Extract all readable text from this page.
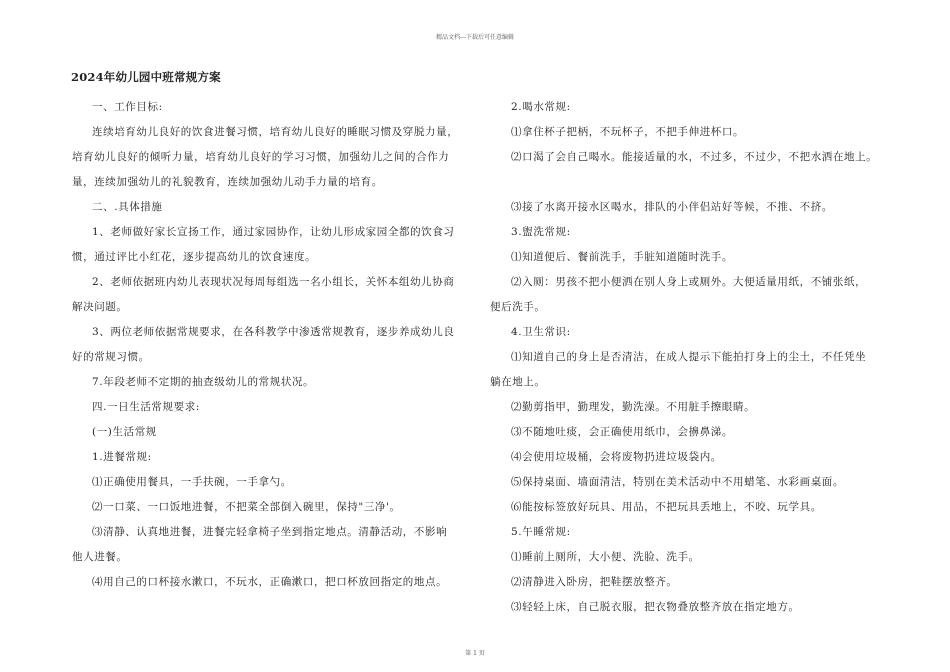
精品文档---下载后可任意编辑
2024年幼儿园中班常规方案

一、工作目标:

连续培育幼儿良好的饮食进餐习惯，培育幼儿良好的睡眠习惯及穿脱力量，

培育幼儿良好的倾听力量，培育幼儿良好的学习习惯，加强幼儿之间的合作力

量，连续加强幼儿的礼貌教育，连续加强幼儿动手力量的培育。

二、.具体措施

1、老师做好家长宣扬工作，通过家园协作，让幼儿形成家园全都的饮食习

惯，通过评比小红花，逐步提高幼儿的饮食速度。

2、老师依据班内幼儿表现状况每周每组选一名小组长，关怀本组幼儿协商

解决问题。

3、两位老师依据常规要求，在各科教学中渗透常规教育，逐步养成幼儿良

好的常规习惯。

7.年段老师不定期的抽查级幼儿的常规状况。

四.一日生活常规要求:

(一)生活常规

1.进餐常规:

⑴正确使用餐具，一手扶碗，一手拿勺。

⑵一口菜、一口饭地进餐，不把菜全部倒入碗里，保持"三净'。

⑶清静、认真地进餐，进餐完轻拿椅子坐到指定地点。清静活动，不影响

他人进餐。

⑷用自己的口杯接水漱口，不玩水，正确漱口，把口杯放回指定的地点。

2.喝水常规:

⑴拿住杯子把柄，不玩杯子，不把手伸进杯口。

⑵口渴了会自己喝水。能接适量的水，不过多，不过少，不把水洒在地上。

⑶接了水离开接水区喝水，排队的小伴侣站好等候，不推、不挤。

3.盥洗常规:

⑴知道便后、餐前洗手，手脏知道随时洗手。

⑵入厕：男孩不把小便洒在别人身上或厕外。大便适量用纸，不铺张纸，

便后洗手。

4.卫生常识:

⑴知道自己的身上是否清洁，在成人提示下能拍打身上的尘土，不任凭坐

躺在地上。

⑵勤剪指甲，勤理发，勤洗澡。不用脏手擦眼睛。

⑶不随地吐痰，会正确使用纸巾，会擤鼻涕。

⑷会使用垃圾桶，会将废物扔进垃圾袋内。

⑸保持桌面、墙面清洁，特别在美术活动中不用蜡笔、水彩画桌面。

⑹能按标签放好玩具、用品，不把玩具丢地上，不咬、玩学具。

5.午睡常规:

⑴睡前上厕所，大小便、洗脸、洗手。

⑵清静进入卧房，把鞋摆放整齐。

⑶轻轻上床，自己脱衣服，把衣物叠放整齐放在指定地方。

第 1 页
